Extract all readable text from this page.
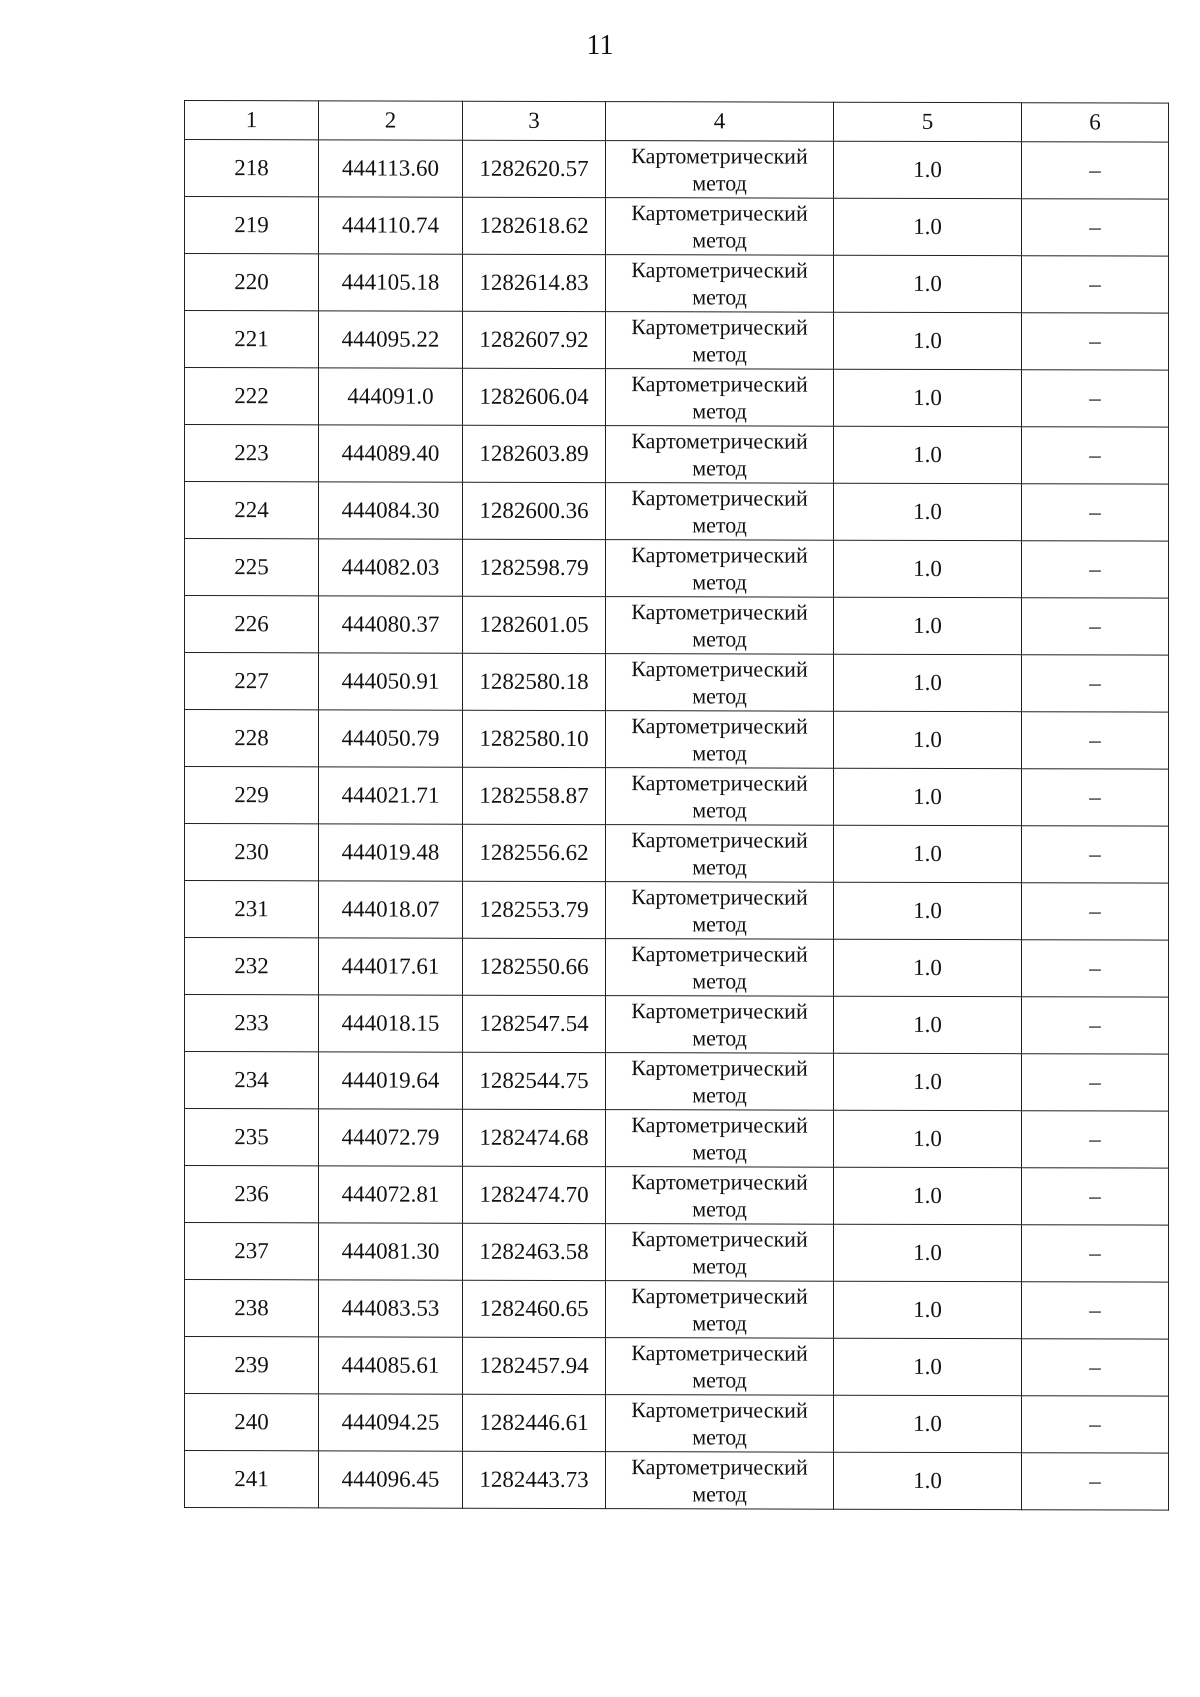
11
1	2	3	4	5	6
218	444113.60	1282620.57	Картометрический метод	1.0	–
219	444110.74	1282618.62	Картометрический метод	1.0	–
220	444105.18	1282614.83	Картометрический метод	1.0	–
221	444095.22	1282607.92	Картометрический метод	1.0	–
222	444091.0	1282606.04	Картометрический метод	1.0	–
223	444089.40	1282603.89	Картометрический метод	1.0	–
224	444084.30	1282600.36	Картометрический метод	1.0	–
225	444082.03	1282598.79	Картометрический метод	1.0	–
226	444080.37	1282601.05	Картометрический метод	1.0	–
227	444050.91	1282580.18	Картометрический метод	1.0	–
228	444050.79	1282580.10	Картометрический метод	1.0	–
229	444021.71	1282558.87	Картометрический метод	1.0	–
230	444019.48	1282556.62	Картометрический метод	1.0	–
231	444018.07	1282553.79	Картометрический метод	1.0	–
232	444017.61	1282550.66	Картометрический метод	1.0	–
233	444018.15	1282547.54	Картометрический метод	1.0	–
234	444019.64	1282544.75	Картометрический метод	1.0	–
235	444072.79	1282474.68	Картометрический метод	1.0	–
236	444072.81	1282474.70	Картометрический метод	1.0	–
237	444081.30	1282463.58	Картометрический метод	1.0	–
238	444083.53	1282460.65	Картометрический метод	1.0	–
239	444085.61	1282457.94	Картометрический метод	1.0	–
240	444094.25	1282446.61	Картометрический метод	1.0	–
241	444096.45	1282443.73	Картометрический метод	1.0	–
